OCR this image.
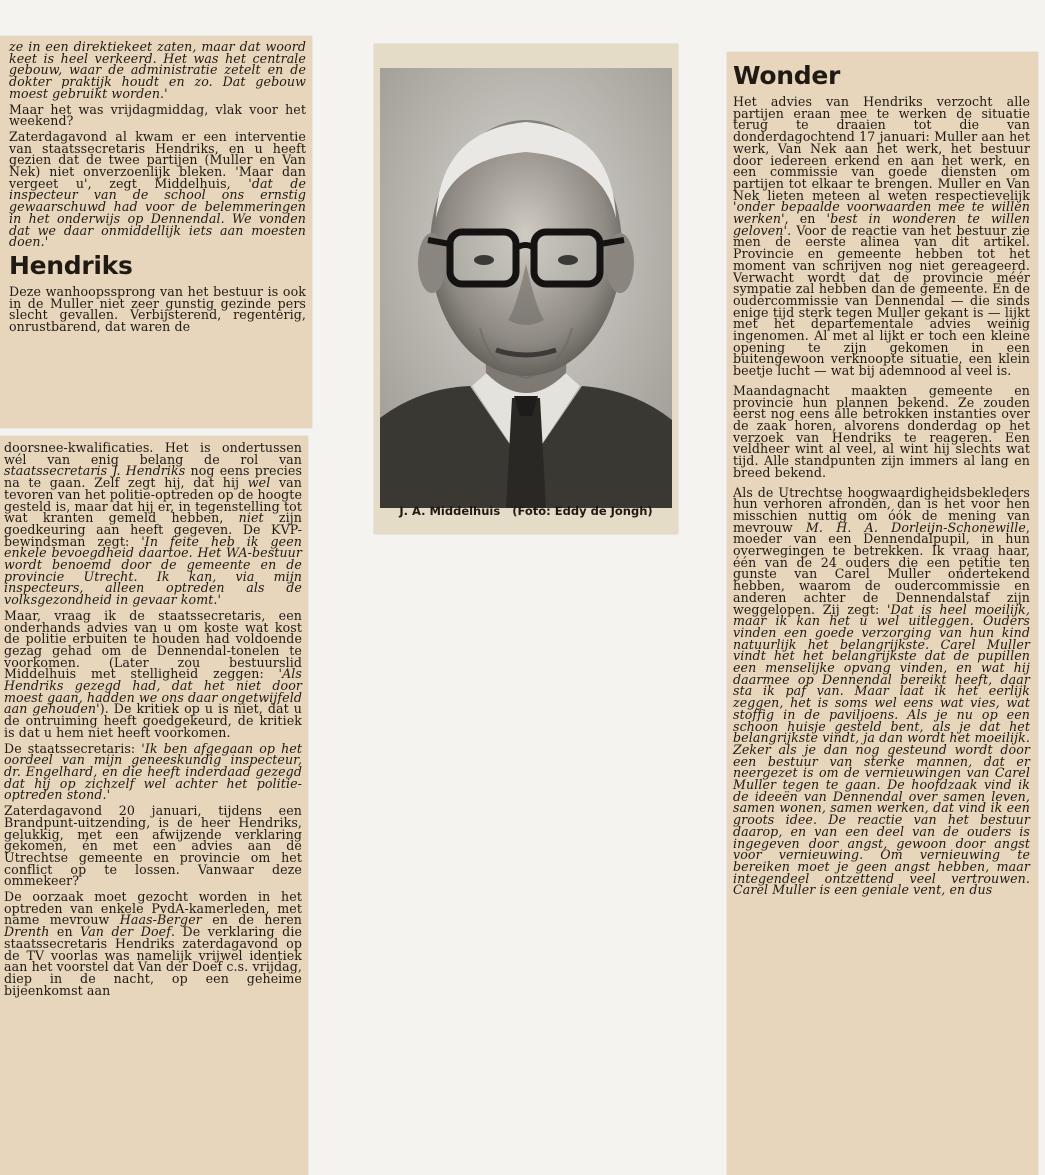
ze in een direktiekeet zaten, maar dat woord keet is heel verkeerd. Het was het centrale gebouw, waar de administratie zetelt en de dokter praktijk houdt en zo. Dat gebouw moest gebruikt worden.'

Maar het was vrijdagmiddag, vlak voor het weekend?

Zaterdagavond al kwam er een interventie van staatssecretaris Hendriks, en u heeft gezien dat de twee partijen (Muller en Van Nek) niet onverzoenlijk bleken. 'Maar dan vergeet u', zegt Middelhuis, 'dat de inspecteur van de school ons ernstig gewaarschuwd had voor de belemmeringen in het onderwijs op Dennendal. We vonden dat we daar onmiddellijk iets aan moesten doen.'

Hendriks

Deze wanhoopssprong van het bestuur is ook in de Muller niet zeer gunstig gezinde pers slecht gevallen. Verbijsterend, regenterig, onrustbarend, dat waren de

doorsnee-kwalificaties. Het is ondertussen wél van enig belang de rol van staatssecretaris J. Hendriks nog eens precies na te gaan. Zelf zegt hij, dat hij wel van tevoren van het politie-optreden op de hoogte gesteld is, maar dat hij er, in tegenstelling tot wat kranten gemeld hebben, niet zijn goedkeuring aan heeft gegeven. De KVP-bewindsman zegt: 'In feite heb ik geen enkele bevoegdheid daartoe. Het WA-bestuur wordt benoemd door de gemeente en de provincie Utrecht. Ik kan, via mijn inspecteurs, alleen optreden als de volksgezondheid in gevaar komt.'

Maar, vraag ik de staatssecretaris, een onderhands advies van u om koste wat kost de politie erbuiten te houden had voldoende gezag gehad om de Dennendal-tonelen te voorkomen. (Later zou bestuurslid Middelhuis met stelligheid zeggen: 'Als Hendriks gezegd had, dat het niet door moest gaan, hadden we ons daar ongetwijfeld aan gehouden'). De kritiek op u is niet, dat u de ontruiming heeft goedgekeurd, de kritiek is dat u hem niet heeft voorkomen.

De staatssecretaris: 'Ik ben afgegaan op het oordeel van mijn geneeskundig inspecteur, dr. Engelhard, en die heeft inderdaad gezegd dat hij op zichzelf wel achter het politie-optreden stond.'

Zaterdagavond 20 januari, tijdens een Brandpunt-uitzending, is de heer Hendriks, gelukkig, met een afwijzende verklaring gekomen, én met een advies aan de Utrechtse gemeente en provincie om het conflict op te lossen. Vanwaar deze ommekeer?

De oorzaak moet gezocht worden in het optreden van enkele PvdA-kamerleden, met name mevrouw Haas-Berger en de heren Drenth en Van der Doef. De verklaring die staatssecretaris Hendriks zaterdagavond op de TV voorlas was namelijk vrijwel identiek aan het voorstel dat Van der Doef c.s. vrijdag, diep in de nacht, op een geheime bijeenkomst aan

J. A. Middelhuis   (Foto: Eddy de Jongh)
Wonder

Het advies van Hendriks verzocht alle partijen eraan mee te werken de situatie terug te draaien tot die van donderdagochtend 17 januari: Muller aan het werk, Van Nek aan het werk, het bestuur door iedereen erkend en aan het werk, en een commissie van goede diensten om partijen tot elkaar te brengen. Muller en Van Nek lieten meteen al weten respectievelijk 'onder bepaalde voorwaarden mee te willen werken', en 'best in wonderen te willen geloven'. Voor de reactie van het bestuur zie men de eerste alinea van dit artikel. Provincie en gemeente hebben tot het moment van schrijven nog niet gereageerd. Verwacht wordt dat de provincie méér sympatie zal hebben dan de gemeente. En de oudercommissie van Dennendal — die sinds enige tijd sterk tegen Muller gekant is — lijkt met het departementale advies weinig ingenomen. Al met al lijkt er toch een kleine opening te zijn gekomen in een buitengewoon verknoopte situatie, een klein beetje lucht — wat bij ademnood al veel is.

Maandagnacht maakten gemeente en provincie hun plannen bekend. Ze zouden eerst nog eens alle betrokken instanties over de zaak horen, alvorens donderdag op het verzoek van Hendriks te reageren. Een veldheer wint al veel, al wint hij slechts wat tijd. Alle standpunten zijn immers al lang en breed bekend.

Als de Utrechtse hoogwaardigheidsbekleders hun verhoren afronden, dan is het voor hen misschien nuttig om óók de mening van mevrouw M. H. A. Dorleijn-Schonewille, moeder van een Dennendalpupil, in hun overwegingen te betrekken. Ik vraag haar, één van de 24 ouders die een petitie ten gunste van Carel Muller ondertekend hebben, waarom de oudercommissie en anderen achter de Dennendalstaf zijn weggelopen. Zij zegt: 'Dat is heel moeilijk, maar ik kan het u wel uitleggen. Ouders vinden een goede verzorging van hun kind natuurlijk het belangrijkste. Carel Muller vindt het het belangrijkste dat de pupillen een menselijke opvang vinden, en wat hij daarmee op Dennendal bereikt heeft, daar sta ik paf van. Maar laat ik het eerlijk zeggen, het is soms wel eens wat vies, wat stoffig in de paviljoens. Als je nu op een schoon huisje gesteld bent, als je dat het belangrijkste vindt, ja dan wordt het moeilijk. Zeker als je dan nog gesteund wordt door een bestuur van sterke mannen, dat er neergezet is om de vernieuwingen van Carel Muller tegen te gaan. De hoofdzaak vind ik de ideeën van Dennendal over samen leven, samen wonen, samen werken, dat vind ik een groots idee. De reactie van het bestuur daarop, en van een deel van de ouders is ingegeven door angst, gewoon door angst voor vernieuwing. Om vernieuwing te bereiken moet je geen angst hebben, maar integendeel ontzettend veel vertrouwen. Carel Muller is een geniale vent, en dus
